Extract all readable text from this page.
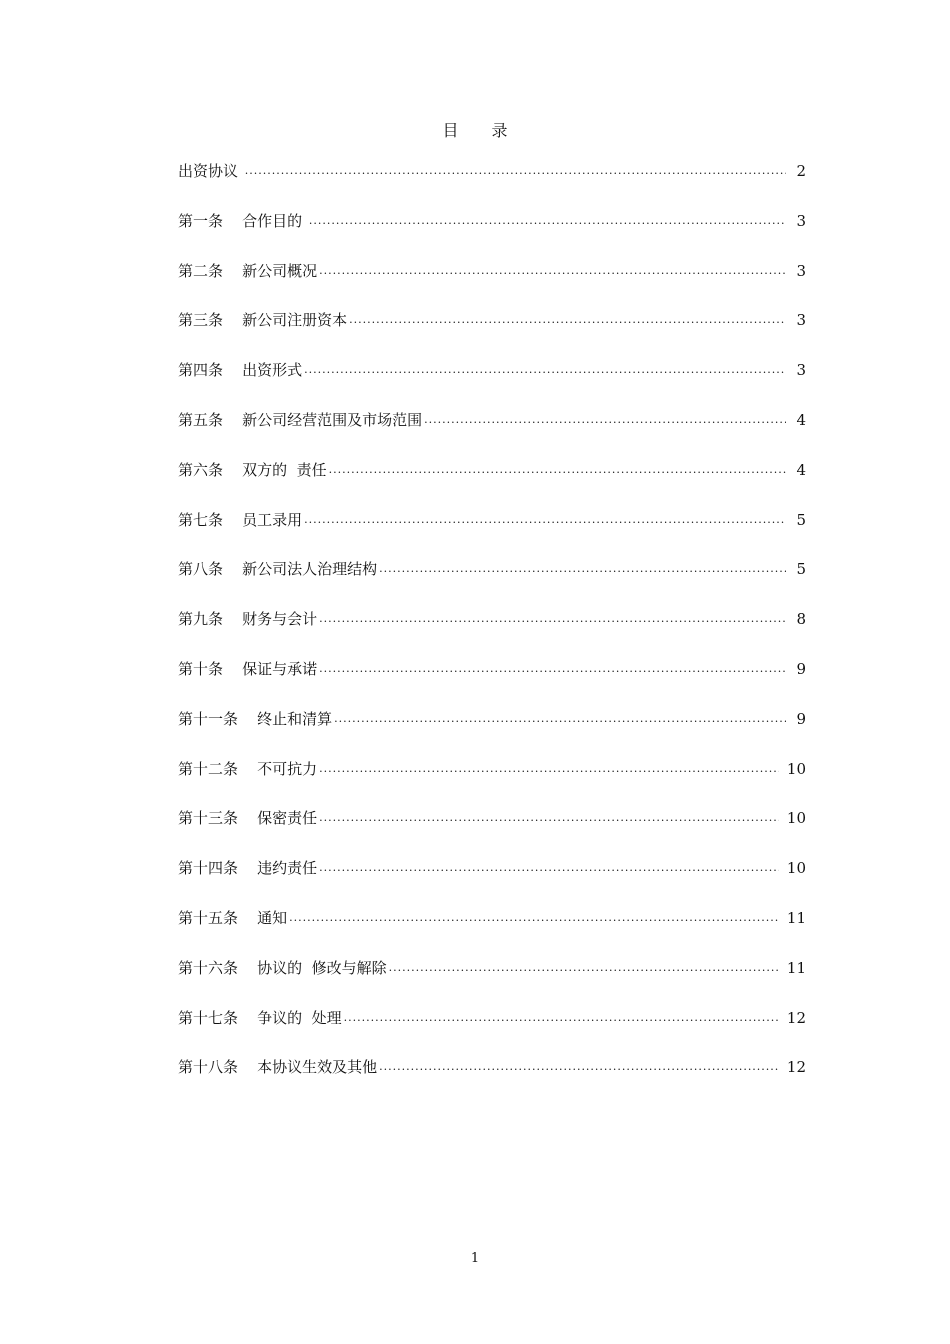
目 录
出资协议 .....	2
第一条 合作目的 .....	3
第二条 新公司概况 .....	3
第三条 新公司注册资本 .....	3
第四条 出资形式 .....	3
第五条 新公司经营范围及市场范围 .....	4
第六条 双方的  责任 .....	4
第七条 员工录用 .....	5
第八条 新公司法人治理结构 .....	5
第九条 财务与会计 .....	8
第十条 保证与承诺 .....	9
第十一条 终止和清算 .....	9
第十二条 不可抗力 .....	10
第十三条 保密责任 .....	10
第十四条 违约责任 .....	10
第十五条 通知 .....	11
第十六条 协议的  修改与解除 .....	11
第十七条 争议的  处理 .....	12
第十八条 本协议生效及其他 .....	12
1
